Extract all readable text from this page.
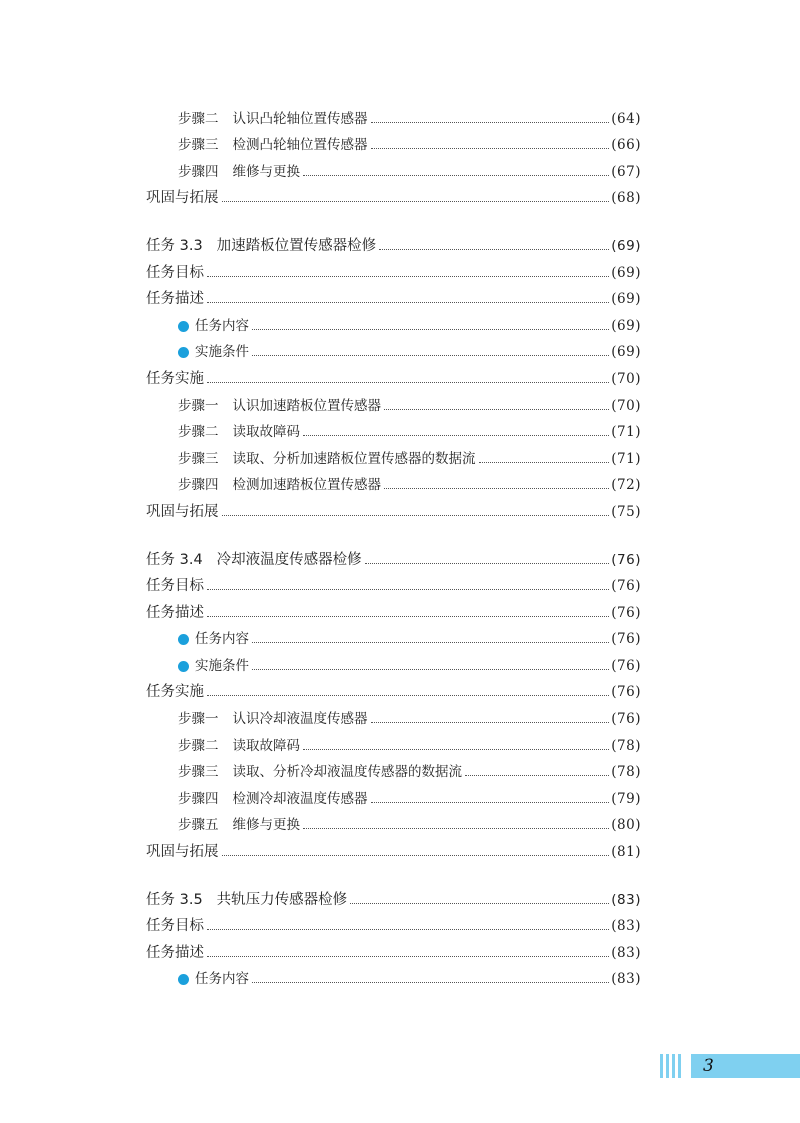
步骤二 认识凸轮轴位置传感器	(64)
步骤三 检测凸轮轴位置传感器	(66)
步骤四 维修与更换	(67)
巩固与拓展	(68)
任务 3.3 加速踏板位置传感器检修	(69)
任务目标	(69)
任务描述	(69)
任务内容	(69)
实施条件	(69)
任务实施	(70)
步骤一 认识加速踏板位置传感器	(70)
步骤二 读取故障码	(71)
步骤三 读取、分析加速踏板位置传感器的数据流	(71)
步骤四 检测加速踏板位置传感器	(72)
巩固与拓展	(75)
任务 3.4 冷却液温度传感器检修	(76)
任务目标	(76)
任务描述	(76)
任务内容	(76)
实施条件	(76)
任务实施	(76)
步骤一 认识冷却液温度传感器	(76)
步骤二 读取故障码	(78)
步骤三 读取、分析冷却液温度传感器的数据流	(78)
步骤四 检测冷却液温度传感器	(79)
步骤五 维修与更换	(80)
巩固与拓展	(81)
任务 3.5 共轨压力传感器检修	(83)
任务目标	(83)
任务描述	(83)
任务内容	(83)
3
